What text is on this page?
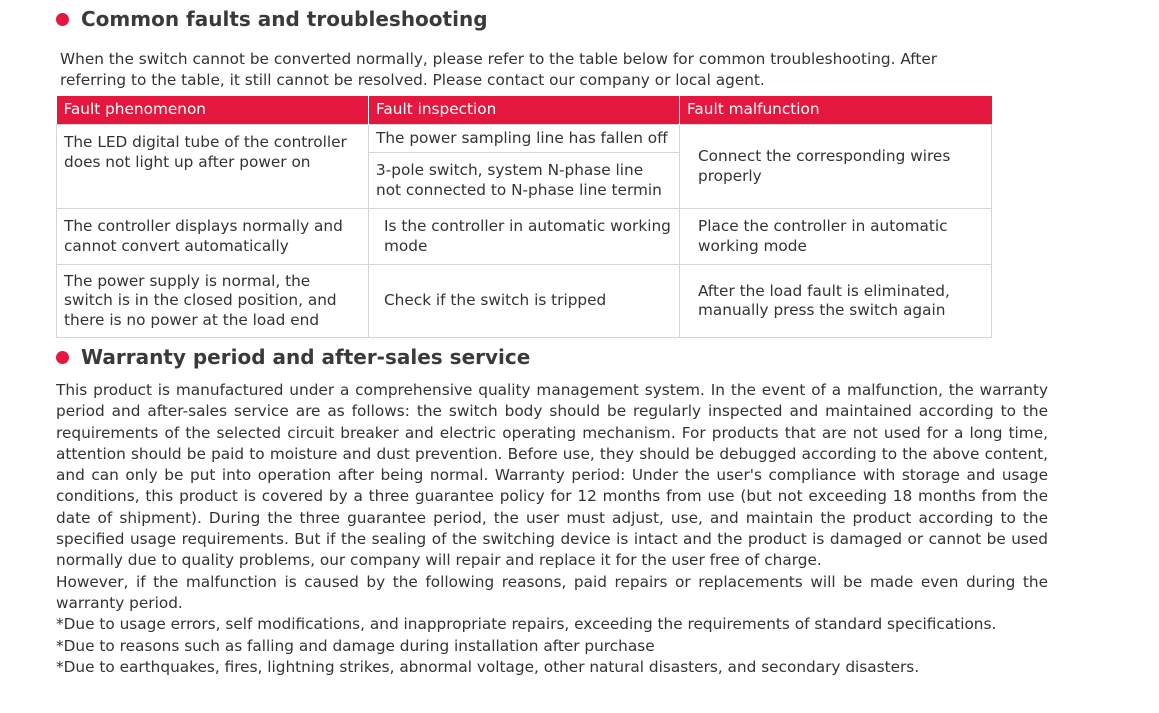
Common faults and troubleshooting
When the switch cannot be converted normally, please refer to the table below for common troubleshooting. After referring to the table, it still cannot be resolved. Please contact our company or local agent.
Fault phenomenon	Fault inspection	Fault malfunction
The LED digital tube of the controller does not light up after power on	The power sampling line has fallen off	Connect the corresponding wires properly
	3-pole switch, system N-phase line not connected to N-phase line termin	
The controller displays normally and cannot convert automatically	Is the controller in automatic working mode	Place the controller in automatic working mode
The power supply is normal, the switch is in the closed position, and there is no power at the load end	Check if the switch is tripped	After the load fault is eliminated, manually press the switch again
Warranty period and after-sales service

This product is manufactured under a comprehensive quality management system. In the event of a malfunction, the warranty period and after-sales service are as follows: the switch body should be regularly inspected and maintained according to the requirements of the selected circuit breaker and electric operating mechanism. For products that are not used for a long time, attention should be paid to moisture and dust prevention. Before use, they should be debugged according to the above content, and can only be put into operation after being normal. Warranty period: Under the user's compliance with storage and usage conditions, this product is covered by a three guarantee policy for 12 months from use (but not exceeding 18 months from the date of shipment). During the three guarantee period, the user must adjust, use, and maintain the product according to the specified usage requirements. But if the sealing of the switching device is intact and the product is damaged or cannot be used normally due to quality problems, our company will repair and replace it for the user free of charge.

However, if the malfunction is caused by the following reasons, paid repairs or replacements will be made even during the warranty period.

*Due to usage errors, self modifications, and inappropriate repairs, exceeding the requirements of standard specifications.

*Due to reasons such as falling and damage during installation after purchase

*Due to earthquakes, fires, lightning strikes, abnormal voltage, other natural disasters, and secondary disasters.
